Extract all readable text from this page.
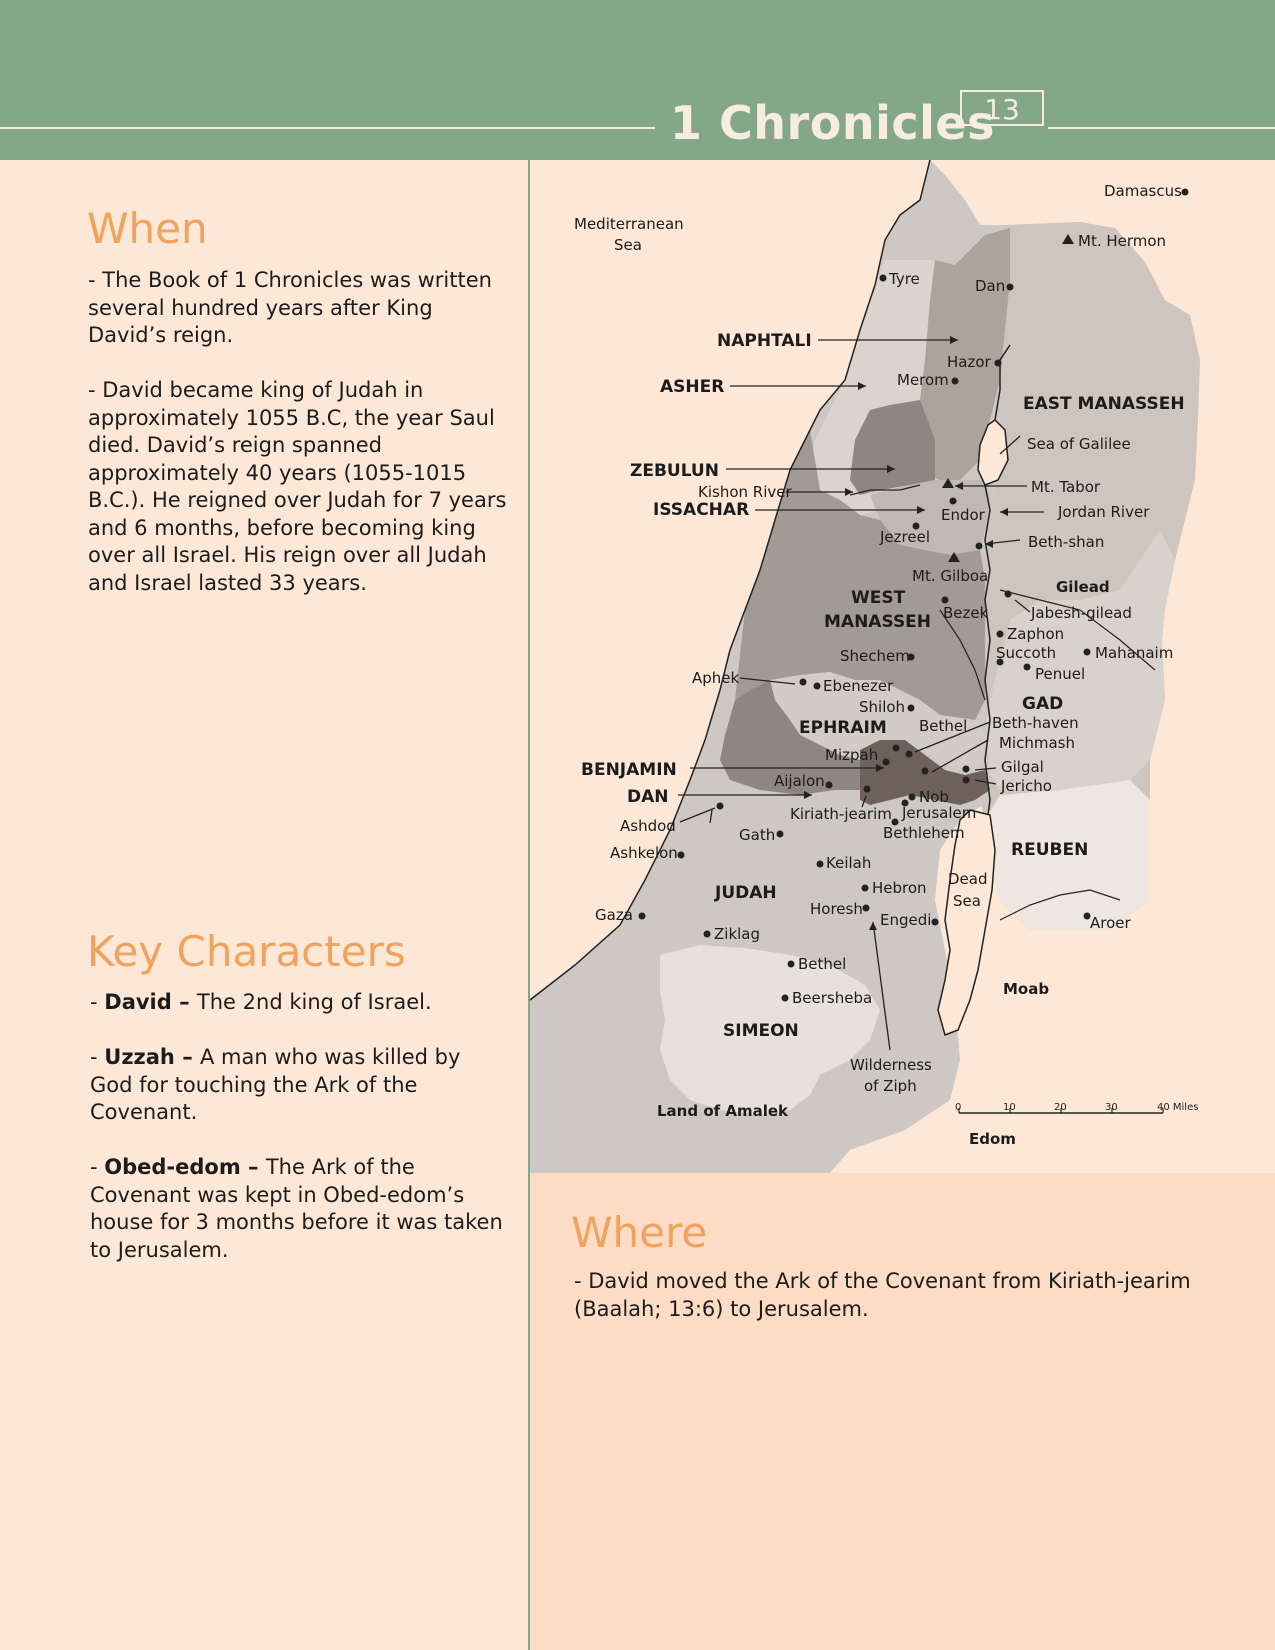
1 Chronicles
13
When
- The Book of 1 Chronicles was written
several hundred years after King
David’s reign.

- David became king of Judah in
approximately 1055 B.C, the year Saul
died. David’s reign spanned
approximately 40 years (1055-1015
B.C.). He reigned over Judah for 7 years
and 6 months, before becoming king
over all Israel. His reign over all Judah
and Israel lasted 33 years.
Key Characters
- David – The 2nd king of Israel.
- Uzzah – A man who was killed by
God for touching the Ark of the
Covenant.
- Obed-edom – The Ark of the
Covenant was kept in Obed-edom’s
house for 3 months before it was taken
to Jerusalem.
Mediterranean
Sea
Damascus
Mt. Hermon
Tyre	Dan
Hazor
Merom
Sea of Galilee
Kishon River	Mt. Tabor
Endor	Jordan River
Jezreel	Beth-shan
Mt. Gilboa
Jabesh-gilead
Bezek
Zaphon
Succoth	Mahanaim
Penuel
Shechem
Aphek	Ebenezer
Shiloh
Bethel Beth-haven
Michmash
Mizpah
Gilgal
Jericho
Aijalon
Nob
Kiriath-jearim Jerusalem
Bethlehem
Ashdod
Ashkelon
Gath
Keilah
Hebron
Horesh
Engedi
Dead
Sea
Aroer
Gaza
Ziklag
Bethel
Beersheba
Wilderness
of Ziph
NAPHTALI
ASHER
ZEBULUN
ISSACHAR
WEST
MANASSEH
EAST MANASSEH
EPHRAIM
BENJAMIN
DAN
GAD
REUBEN
JUDAH
SIMEON
Gilead
Moab
Edom
Land of Amalek	0	10	20	30	40 Miles
Where
- David moved the Ark of the Covenant from Kiriath-jearim
(Baalah; 13:6) to Jerusalem.
